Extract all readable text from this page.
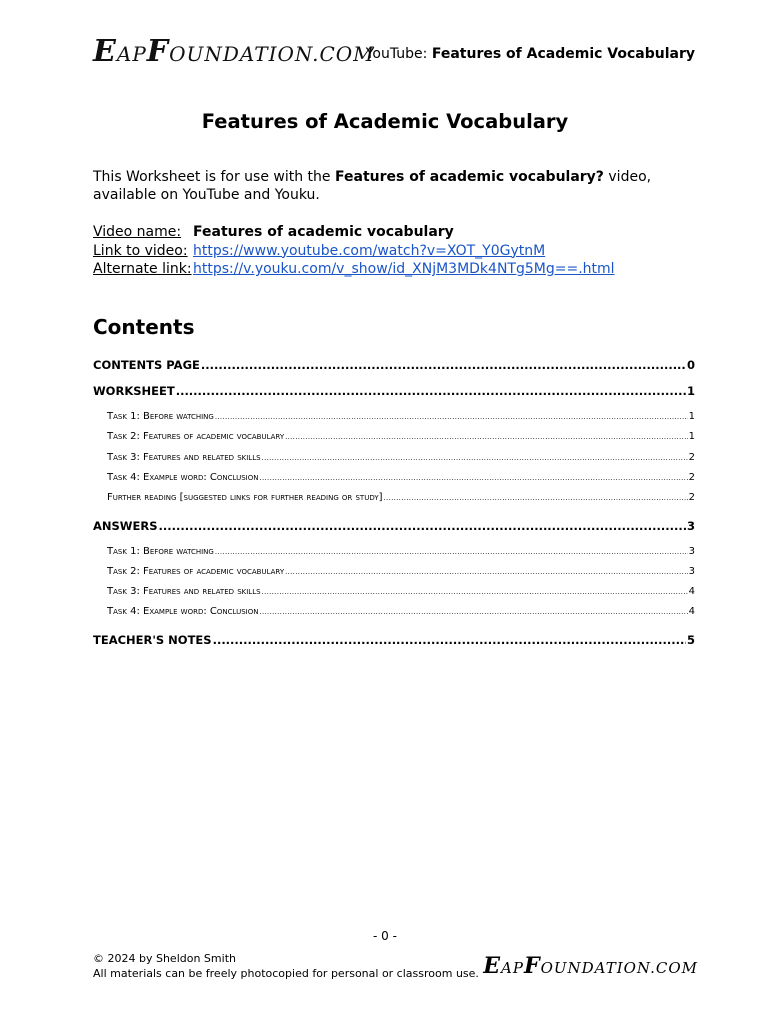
EAPFOUNDATION.COM
YouTube: Features of Academic Vocabulary
Features of Academic Vocabulary
This Worksheet is for use with the Features of academic vocabulary? video, available on YouTube and Youku.
Video name: Features of academic vocabulary
Link to video: https://www.youtube.com/watch?v=XOT_Y0GytnM
Alternate link: https://v.youku.com/v_show/id_XNjM3MDk4NTg5Mg==.html
Contents
CONTENTS PAGE .....	0
WORKSHEET .....	1
Task 1: Before watching .....	1
Task 2: Features of academic vocabulary .....	1
Task 3: Features and related skills .....	2
Task 4: Example word: Conclusion .....	2
Further reading [suggested links for further reading or study] .....	2
ANSWERS .....	3
Task 1: Before watching .....	3
Task 2: Features of academic vocabulary .....	3
Task 3: Features and related skills .....	4
Task 4: Example word: Conclusion .....	4
TEACHER'S NOTES .....	5
- 0 -
© 2024 by Sheldon Smith
All materials can be freely photocopied for personal or classroom use. EAPFOUNDATION.COM
